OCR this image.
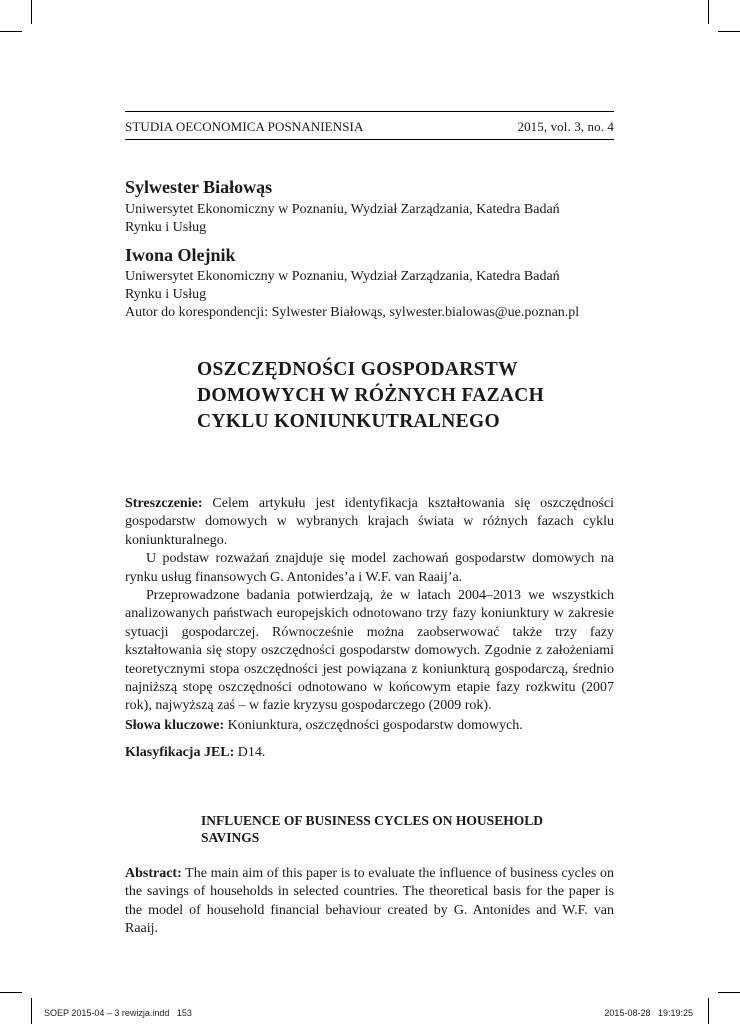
STUDIA OECONOMICA POSNANIENSIA	2015, vol. 3, no. 4
Sylwester Białowąs
Uniwersytet Ekonomiczny w Poznaniu, Wydział Zarządzania, Katedra Badań
Rynku i Usług
Iwona Olejnik
Uniwersytet Ekonomiczny w Poznaniu, Wydział Zarządzania, Katedra Badań
Rynku i Usług
Autor do korespondencji: Sylwester Białowąs, sylwester.bialowas@ue.poznan.pl
OSZCZĘDNOŚCI GOSPODARSTW
DOMOWYCH W RÓŻNYCH FAZACH
CYKLU KONIUNKUTRALNEGO

Streszczenie: Celem artykułu jest identyfikacja kształtowania się oszczędności gospodarstw domowych w wybranych krajach świata w różnych fazach cyklu koniunkturalnego.

U podstaw rozważań znajduje się model zachowań gospodarstw domowych na rynku usług finansowych G. Antonides’a i W.F. van Raaij’a.

Przeprowadzone badania potwierdzają, że w latach 2004–2013 we wszystkich analizowanych państwach europejskich odnotowano trzy fazy koniunktury w zakresie sytuacji gospodarczej. Równocześnie można zaobserwować także trzy fazy kształtowania się stopy oszczędności gospodarstw domowych. Zgodnie z założeniami teoretycznymi stopa oszczędności jest powiązana z koniunkturą gospodarczą, średnio najniższą stopę oszczędności odnotowano w końcowym etapie fazy rozkwitu (2007 rok), najwyższą zaś – w fazie kryzysu gospodarczego (2009 rok).

Słowa kluczowe: Koniunktura, oszczędności gospodarstw domowych.
Klasyfikacja JEL: D14.
INFLUENCE OF BUSINESS CYCLES ON HOUSEHOLD
SAVINGS

Abstract: The main aim of this paper is to evaluate the influence of business cycles on the savings of households in selected countries. The theoretical basis for the paper is the model of household financial behaviour created by G. Antonides and W.F. van Raaij.

SOEP 2015-04 – 3 rewizja.indd   153	2015-08-28   19:19:25
